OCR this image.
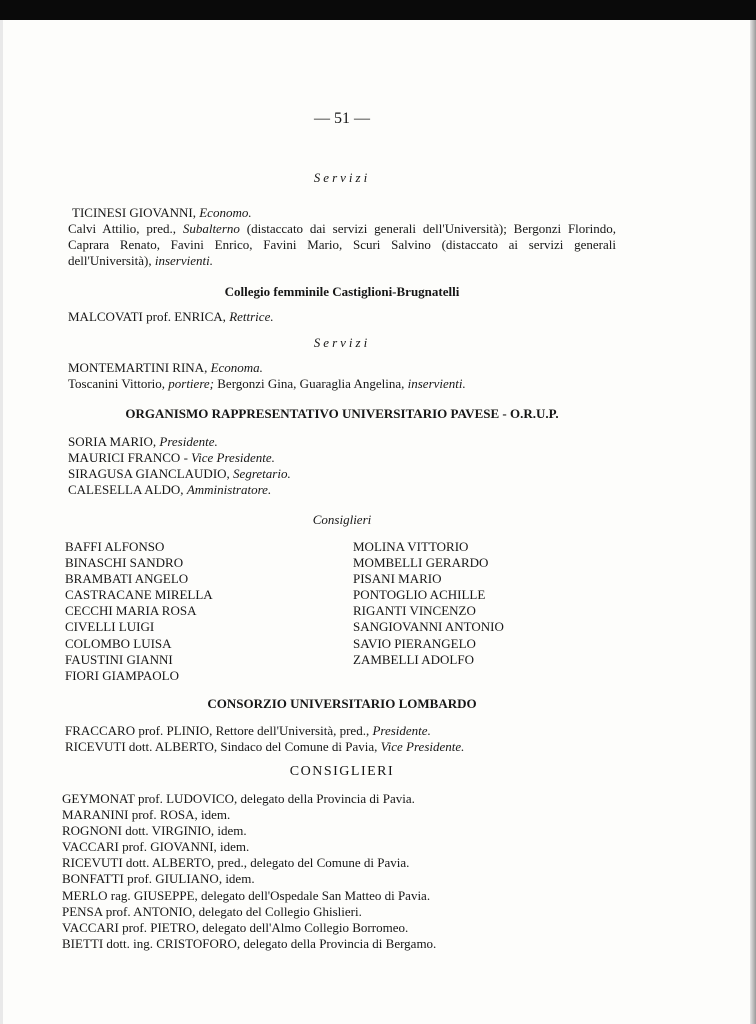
— 51 —
Servizi
TICINESI GIOVANNI, Economo.
Calvi Attilio, pred., Subalterno (distaccato dai servizi generali dell'Università); Bergonzi Florindo, Caprara Renato, Favini Enrico, Favini Mario, Scuri Salvino (distaccato ai servizi generali dell'Università), inservienti.
Collegio femminile Castiglioni-Brugnatelli
MALCOVATI prof. ENRICA, Rettrice.
Servizi
MONTEMARTINI RINA, Economa.
Toscanini Vittorio, portiere; Bergonzi Gina, Guaraglia Angelina, inservienti.
ORGANISMO RAPPRESENTATIVO UNIVERSITARIO PAVESE - O.R.U.P.
SORIA MARIO, Presidente.
MAURICI FRANCO - Vice Presidente.
SIRAGUSA GIANCLAUDIO, Segretario.
CALESELLA ALDO, Amministratore.
Consiglieri
BAFFI ALFONSO
BINASCHI SANDRO
BRAMBATI ANGELO
CASTRACANE MIRELLA
CECCHI MARIA ROSA
CIVELLI LUIGI
COLOMBO LUISA
FAUSTINI GIANNI
FIORI GIAMPAOLO
MOLINA VITTORIO
MOMBELLI GERARDO
PISANI MARIO
PONTOGLIO ACHILLE
RIGANTI VINCENZO
SANGIOVANNI ANTONIO
SAVIO PIERANGELO
ZAMBELLI ADOLFO
CONSORZIO UNIVERSITARIO LOMBARDO
FRACCARO prof. PLINIO, Rettore dell'Università, pred., Presidente.
RICEVUTI dott. ALBERTO, Sindaco del Comune di Pavia, Vice Presidente.
CONSIGLIERI
GEYMONAT prof. LUDOVICO, delegato della Provincia di Pavia.
MARANINI prof. ROSA, idem.
ROGNONI dott. VIRGINIO, idem.
VACCARI prof. GIOVANNI, idem.
RICEVUTI dott. ALBERTO, pred., delegato del Comune di Pavia.
BONFATTI prof. GIULIANO, idem.
MERLO rag. GIUSEPPE, delegato dell'Ospedale San Matteo di Pavia.
PENSA prof. ANTONIO, delegato del Collegio Ghislieri.
VACCARI prof. PIETRO, delegato dell'Almo Collegio Borromeo.
BIETTI dott. ing. CRISTOFORO, delegato della Provincia di Bergamo.
